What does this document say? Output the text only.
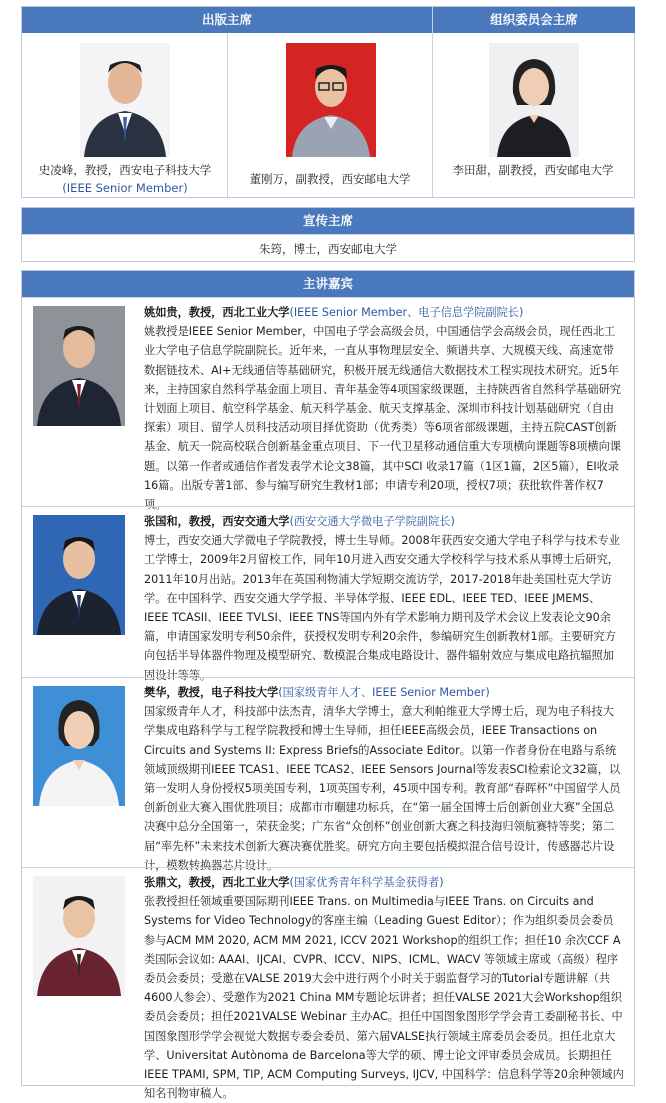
出版主席	组织委员会主席
史凌峰，教授，西安电子科技大学
(IEEE Senior Member)
董刚万，副教授，西安邮电大学
李田甜，副教授，西安邮电大学
宣传主席
朱筠，博士，西安邮电大学
主讲嘉宾
姚如贵，教授，西北工业大学(IEEE Senior Member、电子信息学院副院长)
姚教授是IEEE Senior Member，中国电子学会高级会员，中国通信学会高级会员，现任西北工业大学电子信息学院副院长。近年来，一直从事物理层安全、频谱共享、大规模天线、高速宽带数据链技术、AI+无线通信等基础研究，积极开展无线通信大数据技术工程实现技术研究。近5年来，主持国家自然科学基金面上项目、青年基金等4项国家级课题，主持陕西省自然科学基础研究计划面上项目、航空科学基金、航天科学基金、航天支撑基金、深圳市科技计划基础研究（自由探索）项目、留学人员科技活动项目择优资助（优秀类）等6项省部级课题，主持五院CAST创新基金、航天一院高校联合创新基金重点项目、下一代卫星移动通信重大专项横向课题等8项横向课题。以第一作者或通信作者发表学术论文38篇，其中SCI 收录17篇（1区1篇，2区5篇），EI收录16篇。出版专著1部、参与编写研究生教材1部；申请专利20项，授权7项；获批软件著作权7项。
张国和，教授，西安交通大学(西安交通大学微电子学院副院长)
博士，西安交通大学微电子学院教授，博士生导师。2008年获西安交通大学电子科学与技术专业工学博士，2009年2月留校工作，同年10月进入西安交通大学校科学与技术系从事博士后研究，2011年10月出站。2013年在英国利物浦大学短期交流访学，2017-2018年赴美国杜克大学访学。在中国科学、西安交通大学学报、半导体学报、IEEE EDL、IEEE TED、IEEE JMEMS、IEEE TCASII、IEEE TVLSI、IEEE TNS等国内外有学术影响力期刊及学术会议上发表论文90余篇，申请国家发明专利50余件，获授权发明专利20余件，参编研究生创新教材1部。主要研究方向包括半导体器件物理及模型研究、数模混合集成电路设计、器件辐射效应与集成电路抗辐照加固设计等等。
樊华，教授，电子科技大学(国家级青年人才、IEEE Senior Member)
国家级青年人才，科技部中法杰青，清华大学博士，意大利帕维亚大学博士后，现为电子科技大学集成电路科学与工程学院教授和博士生导师，担任IEEE高级会员，IEEE Transactions on Circuits and Systems II: Express Briefs的Associate Editor。以第一作者身份在电路与系统领域顶级期刊IEEE TCAS1、IEEE TCAS2、IEEE Sensors Journal等发表SCI检索论文32篇，以第一发明人身份授权5项美国专利，1项英国专利，45项中国专利。教育部“春晖杯”中国留学人员创新创业大赛入围优胜项目；成都市市嗰建功标兵，在“第一届全国博士后创新创业大赛”全国总决赛中总分全国第一，荣获金奖；广东省“众创杯”创业创新大赛之科技海归领航赛特等奖；第二届“率先杯”未来技术创新大赛决赛优胜奖。研究方向主要包括模拟混合信号设计，传感器芯片设计，模数转换器芯片设计。
张鼎文，教授，西北工业大学(国家优秀青年科学基金获得者)
张教授担任领域重要国际期刊IEEE Trans. on Multimedia与IEEE Trans. on Circuits and Systems for Video Technology的客座主编（Leading Guest Editor）；作为组织委员会委员参与ACM MM 2020, ACM MM 2021, ICCV 2021 Workshop的组织工作；担任10 余次CCF A 类国际会议如: AAAI、IJCAI、CVPR、ICCV、NIPS、ICML、WACV 等领域主席或（高级）程序委员会委员；受邀在VALSE 2019大会中进行两个小时关于弱监督学习的Tutorial专题讲解（共4600人参会）、受邀作为2021 China MM专题论坛讲者；担任VALSE 2021大会Workshop组织委员会委员；担任2021VALSE Webinar 主办AC。担任中国图象图形学学会青工委副秘书长、中国图象图形学学会视觉大数据专委会委员、第六届VALSE执行领域主席委员会委员。担任北京大学、Universitat Autònoma de Barcelona等大学的硕、博士论文评审委员会成员。长期担任IEEE TPAMI, SPM, TIP, ACM Computing Surveys, IJCV, 中国科学：信息科学等20余种领域内知名刊物审稿人。
